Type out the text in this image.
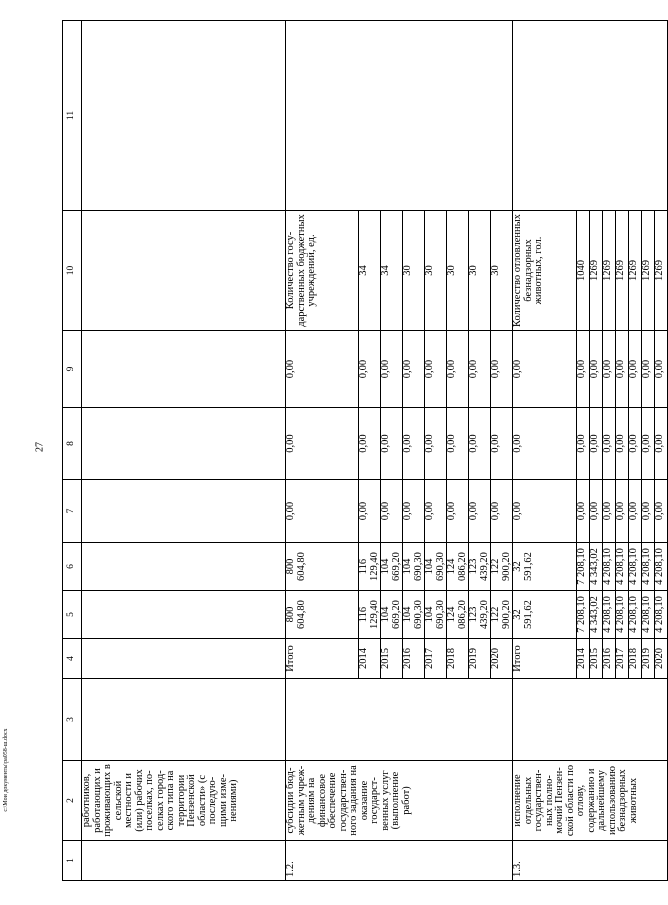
27
c:\Мои документы\ра058-ш.docx
1	2	3	4	5	6	7	8	9	10	11
	работников, работающих и проживающих в сельской местности и (или) рабочих поселках, по-селках город-ского типа на территории Пензенской области» (с последую-щими изме-нениями)									
1.2.	субсидии бюд-жетным учреж-дениям на финансовое обеспечение государствен-ного задания на оказание государст-венных услуг (выполнение работ)		Итого	800 604,80	800 604,80	0,00	0,00	0,00	Количество госу-дарственных бюджетных учреждений, ед.	
			2014	116 129,40	116 129,40	0,00	0,00	0,00	34	
			2015	104 669,20	104 669,20	0,00	0,00	0,00	34	
			2016	104 690,30	104 690,30	0,00	0,00	0,00	30	
			2017	104 690,30	104 690,30	0,00	0,00	0,00	30	
			2018	124 086,20	124 086,20	0,00	0,00	0,00	30	
			2019	123 439,20	123 439,20	0,00	0,00	0,00	30	
			2020	122 900,20	122 900,20	0,00	0,00	0,00	30	
1.3.	исполнение отдельных государствен-ных полно-мочий Пензен-ской области по отлову, содержанию и дальнейшему использованию безнадзорных животных		Итого	32 591,62	32 591,62	0,00	0,00	0,00	Количество отловленных безнадзорных животных, гол.	
			2014	7 208,10	7 208,10	0,00	0,00	0,00	1040	
			2015	4 343,02	4 343,02	0,00	0,00	0,00	1269	
			2016	4 208,10	4 208,10	0,00	0,00	0,00	1269	
			2017	4 208,10	4 208,10	0,00	0,00	0,00	1269	
			2018	4 208,10	4 208,10	0,00	0,00	0,00	1269	
			2019	4 208,10	4 208,10	0,00	0,00	0,00	1269	
			2020	4 208,10	4 208,10	0,00	0,00	0,00	1269	
